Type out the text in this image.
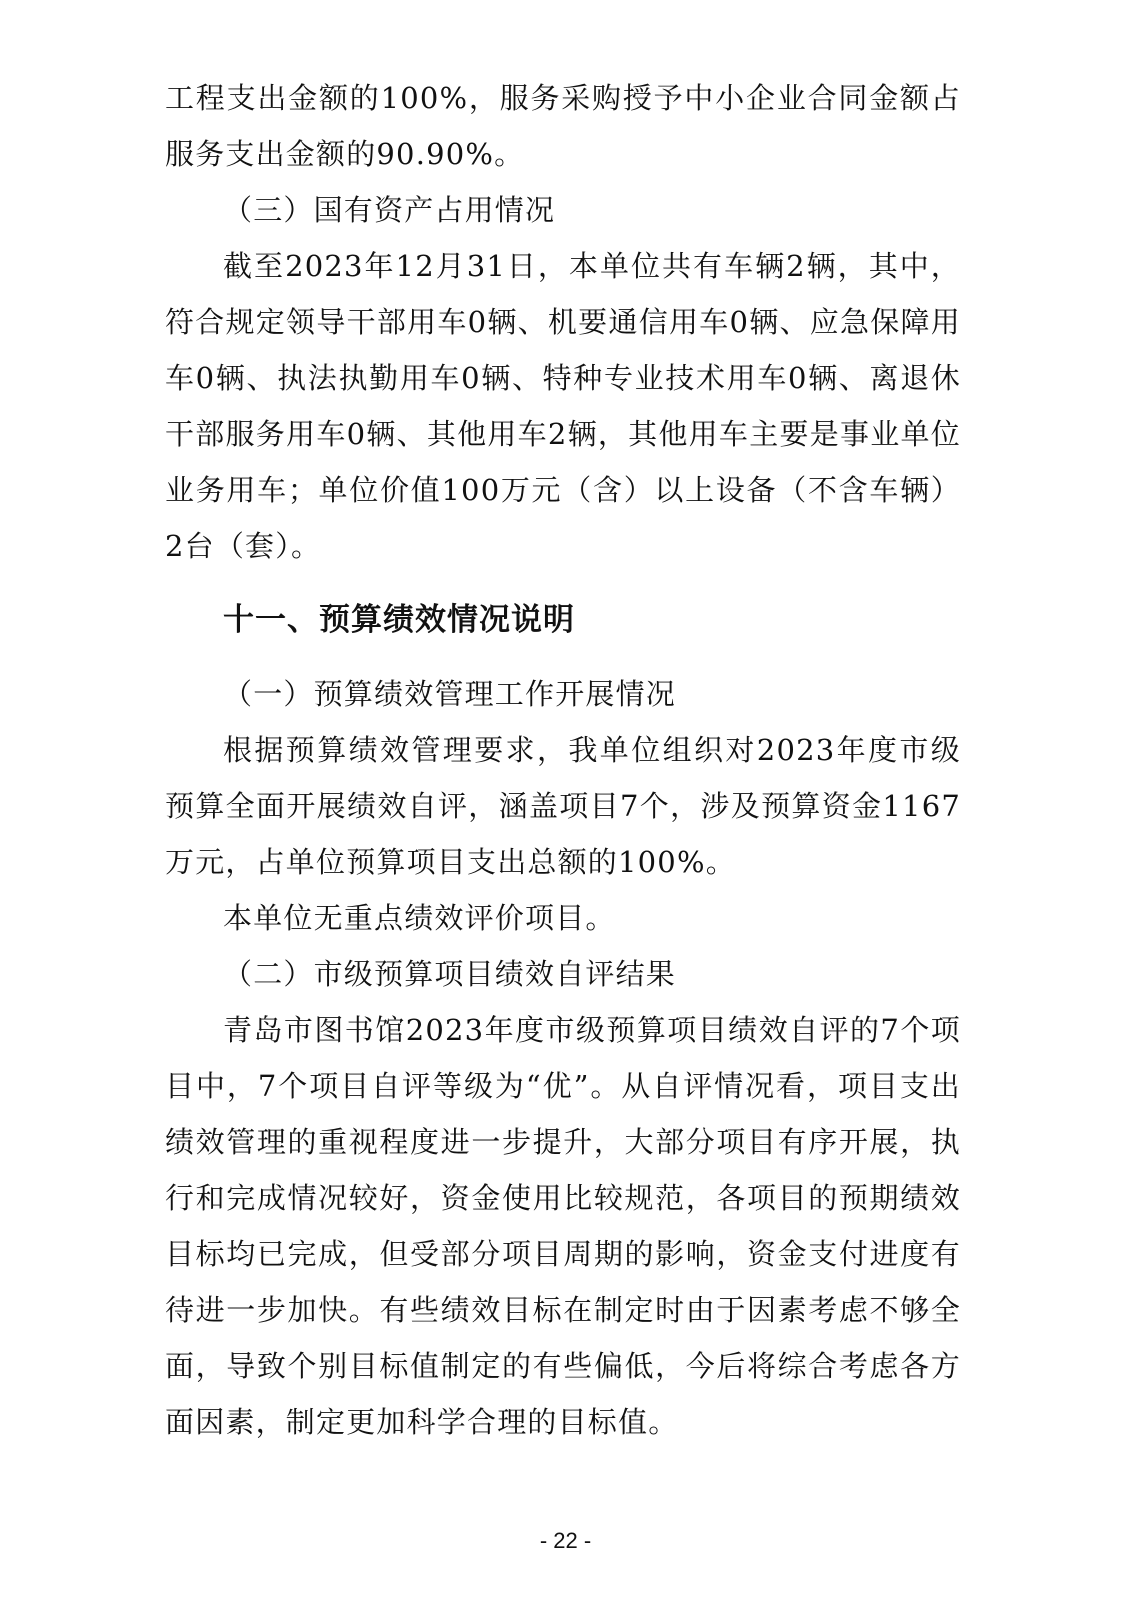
工程支出金额的100%，服务采购授予中小企业合同金额占服务支出金额的90.90%。

（三）国有资产占用情况

截至2023年12月31日，本单位共有车辆2辆，其中，符合规定领导干部用车0辆、机要通信用车0辆、应急保障用车0辆、执法执勤用车0辆、特种专业技术用车0辆、离退休干部服务用车0辆、其他用车2辆，其他用车主要是事业单位业务用车；单位价值100万元（含）以上设备（不含车辆）2台（套）。

十一、预算绩效情况说明

（一）预算绩效管理工作开展情况

根据预算绩效管理要求，我单位组织对2023年度市级预算全面开展绩效自评，涵盖项目7个，涉及预算资金1167万元，占单位预算项目支出总额的100%。

本单位无重点绩效评价项目。

（二）市级预算项目绩效自评结果

青岛市图书馆2023年度市级预算项目绩效自评的7个项目中，7个项目自评等级为“优”。从自评情况看，项目支出绩效管理的重视程度进一步提升，大部分项目有序开展，执行和完成情况较好，资金使用比较规范，各项目的预期绩效目标均已完成，但受部分项目周期的影响，资金支付进度有待进一步加快。有些绩效目标在制定时由于因素考虑不够全面，导致个别目标值制定的有些偏低，今后将综合考虑各方面因素，制定更加科学合理的目标值。

- 22 -
